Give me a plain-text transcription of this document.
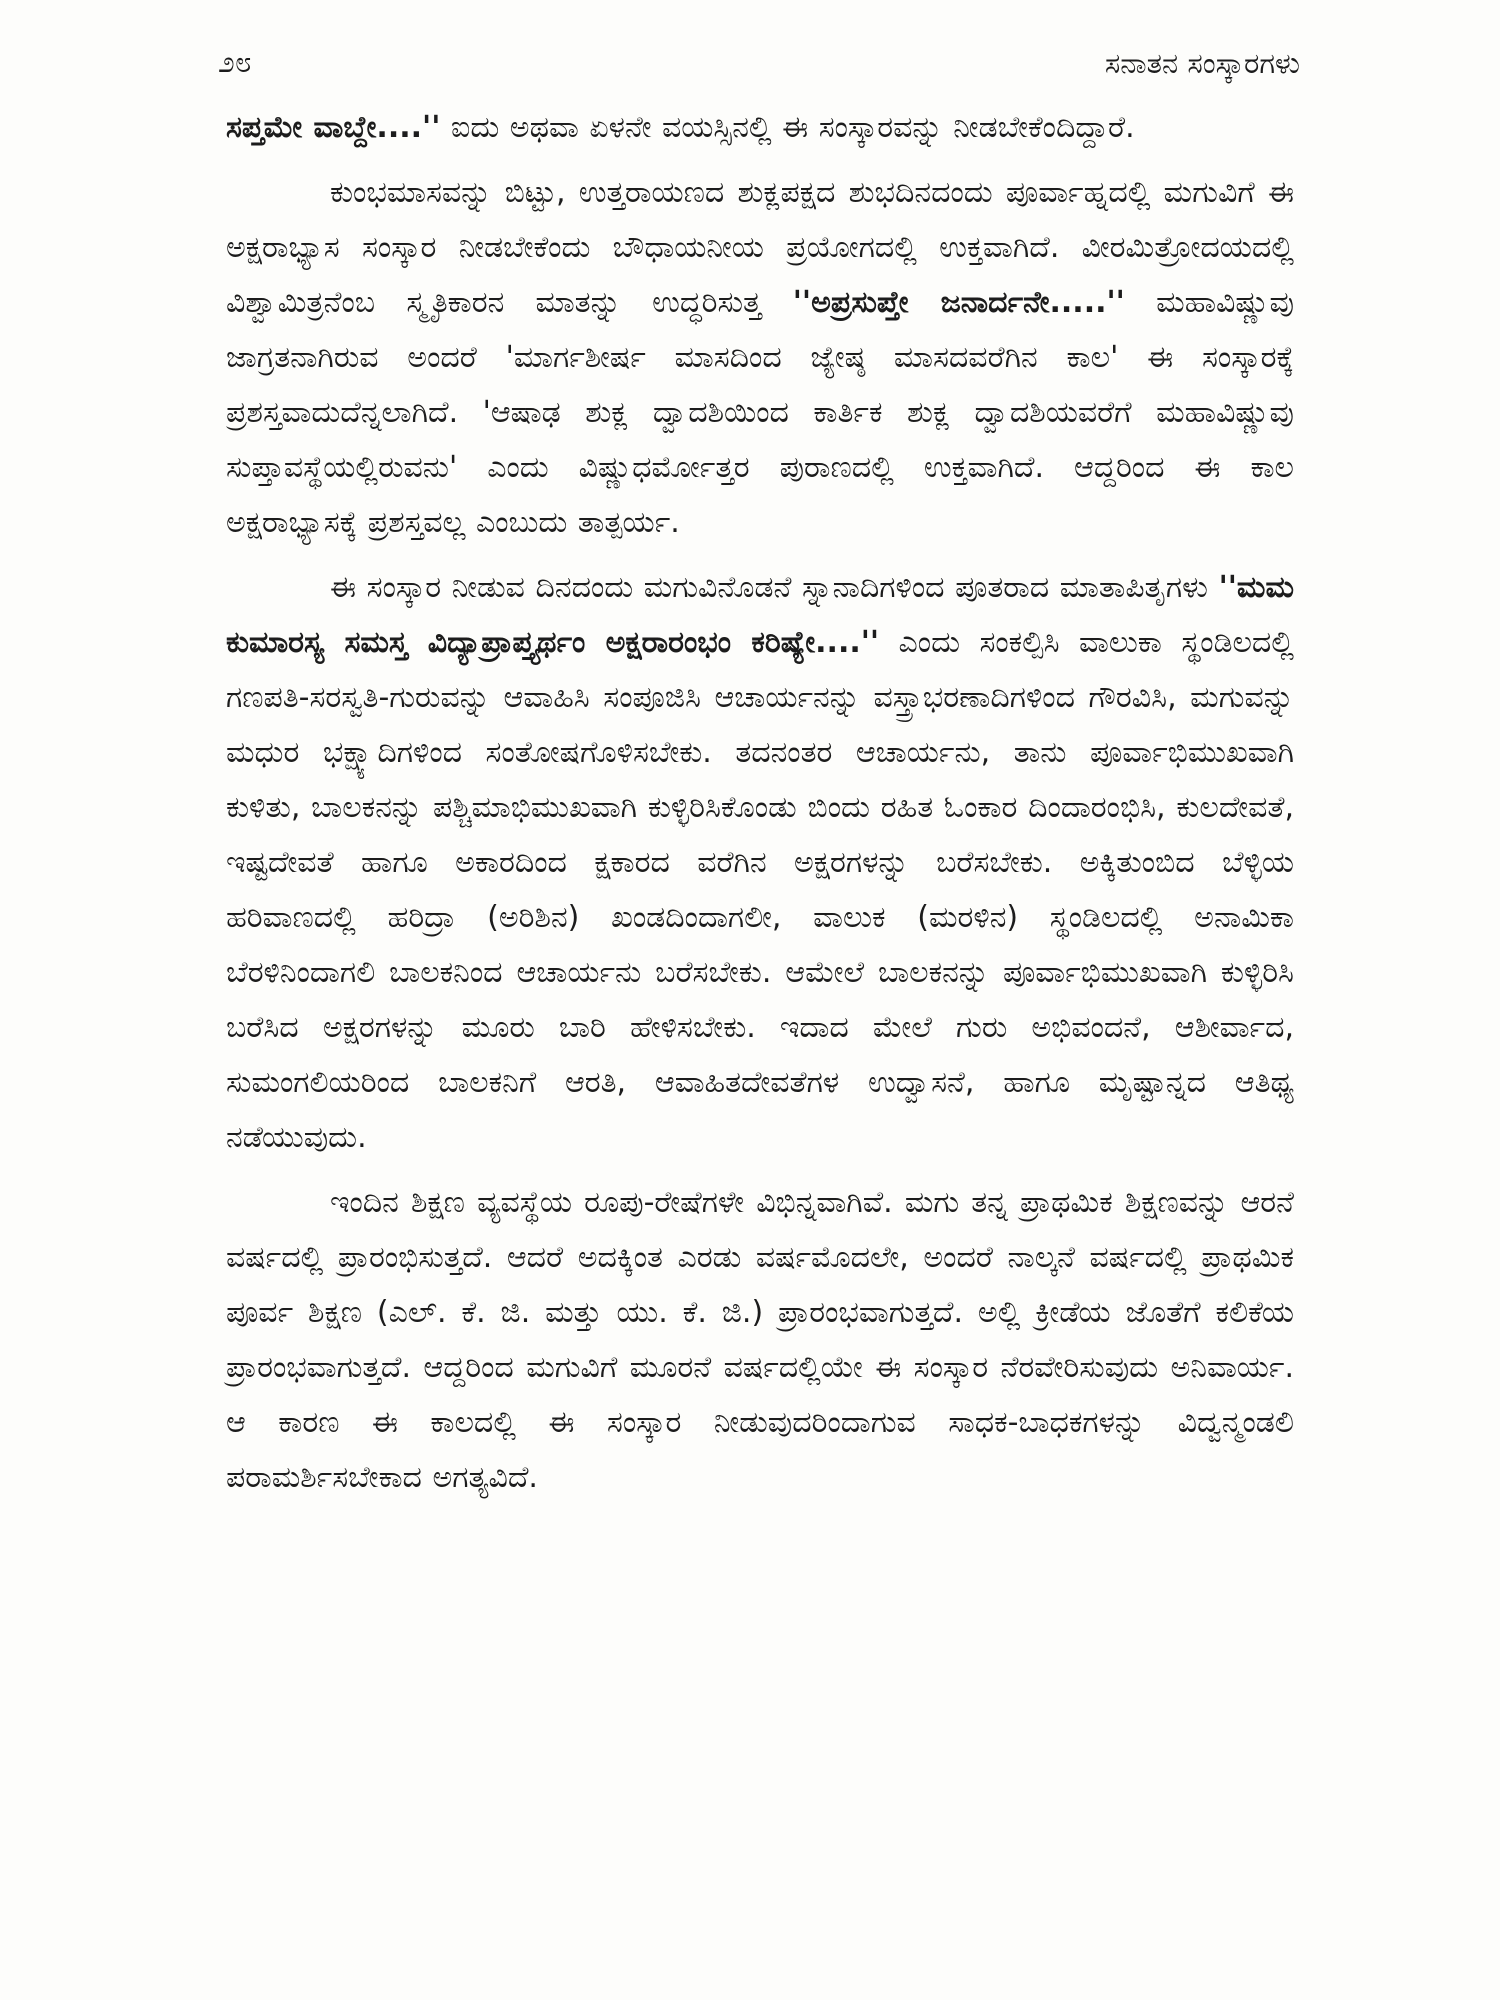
೨೮	ಸನಾತನ ಸಂಸ್ಕಾರಗಳು

ಸಪ್ತಮೇ ವಾಬ್ದೇ....'' ಐದು ಅಥವಾ ಏಳನೇ ವಯಸ್ಸಿನಲ್ಲಿ ಈ ಸಂಸ್ಕಾರವನ್ನು ನೀಡಬೇಕೆಂದಿದ್ದಾರೆ.

ಕುಂಭಮಾಸವನ್ನು ಬಿಟ್ಟು, ಉತ್ತರಾಯಣದ ಶುಕ್ಲಪಕ್ಷದ ಶುಭದಿನದಂದು ಪೂರ್ವಾಹ್ನದಲ್ಲಿ ಮಗುವಿಗೆ ಈ ಅಕ್ಷರಾಭ್ಯಾಸ ಸಂಸ್ಕಾರ ನೀಡಬೇಕೆಂದು ಬೌಧಾಯನೀಯ ಪ್ರಯೋಗದಲ್ಲಿ ಉಕ್ತವಾಗಿದೆ. ವೀರಮಿತ್ರೋದಯದಲ್ಲಿ ವಿಶ್ವಾಮಿತ್ರನೆಂಬ ಸ್ಮೃತಿಕಾರನ ಮಾತನ್ನು ಉದ್ಧರಿಸುತ್ತ ''ಅಪ್ರಸುಪ್ತೇ ಜನಾರ್ದನೇ.....'' ಮಹಾವಿಷ್ಣುವು ಜಾಗ್ರತನಾಗಿರುವ ಅಂದರೆ 'ಮಾರ್ಗಶೀರ್ಷ ಮಾಸದಿಂದ ಜ್ಯೇಷ್ಠ ಮಾಸದವರೆಗಿನ ಕಾಲ' ಈ ಸಂಸ್ಕಾರಕ್ಕೆ ಪ್ರಶಸ್ತವಾದುದೆನ್ನಲಾಗಿದೆ. 'ಆಷಾಢ ಶುಕ್ಲ ದ್ವಾದಶಿಯಿಂದ ಕಾರ್ತಿಕ ಶುಕ್ಲ ದ್ವಾದಶಿಯವರೆಗೆ ಮಹಾವಿಷ್ಣುವು ಸುಪ್ತಾವಸ್ಥೆಯಲ್ಲಿರುವನು' ಎಂದು ವಿಷ್ಣುಧರ್ಮೋತ್ತರ ಪುರಾಣದಲ್ಲಿ ಉಕ್ತವಾಗಿದೆ. ಆದ್ದರಿಂದ ಈ ಕಾಲ ಅಕ್ಷರಾಭ್ಯಾಸಕ್ಕೆ ಪ್ರಶಸ್ತವಲ್ಲ ಎಂಬುದು ತಾತ್ಪರ್ಯ.

ಈ ಸಂಸ್ಕಾರ ನೀಡುವ ದಿನದಂದು ಮಗುವಿನೊಡನೆ ಸ್ನಾನಾದಿಗಳಿಂದ ಪೂತರಾದ ಮಾತಾಪಿತೃಗಳು ''ಮಮ ಕುಮಾರಸ್ಯ ಸಮಸ್ತ ವಿದ್ಯಾಪ್ರಾಪ್ತ್ಯರ್ಥಂ ಅಕ್ಷರಾರಂಭಂ ಕರಿಷ್ಯೇ....'' ಎಂದು ಸಂಕಲ್ಪಿಸಿ ವಾಲುಕಾ ಸ್ಥಂಡಿಲದಲ್ಲಿ ಗಣಪತಿ-ಸರಸ್ವತಿ-ಗುರುವನ್ನು ಆವಾಹಿಸಿ ಸಂಪೂಜಿಸಿ ಆಚಾರ್ಯನನ್ನು ವಸ್ತ್ರಾಭರಣಾದಿಗಳಿಂದ ಗೌರವಿಸಿ, ಮಗುವನ್ನು ಮಧುರ ಭಕ್ಷ್ಯಾದಿಗಳಿಂದ ಸಂತೋಷಗೊಳಿಸಬೇಕು. ತದನಂತರ ಆಚಾರ್ಯನು, ತಾನು ಪೂರ್ವಾಭಿಮುಖವಾಗಿ ಕುಳಿತು, ಬಾಲಕನನ್ನು ಪಶ್ಚಿಮಾಭಿಮುಖವಾಗಿ ಕುಳ್ಳಿರಿಸಿಕೊಂಡು ಬಿಂದು ರಹಿತ ಓಂಕಾರ ದಿಂದಾರಂಭಿಸಿ, ಕುಲದೇವತೆ, ಇಷ್ಟದೇವತೆ ಹಾಗೂ ಅಕಾರದಿಂದ ಕ್ಷಕಾರದ ವರೆಗಿನ ಅಕ್ಷರಗಳನ್ನು ಬರೆಸಬೇಕು. ಅಕ್ಕಿತುಂಬಿದ ಬೆಳ್ಳಿಯ ಹರಿವಾಣದಲ್ಲಿ ಹರಿದ್ರಾ (ಅರಿಶಿನ) ಖಂಡದಿಂದಾಗಲೀ, ವಾಲುಕ (ಮರಳಿನ) ಸ್ಥಂಡಿಲದಲ್ಲಿ ಅನಾಮಿಕಾ ಬೆರಳಿನಿಂದಾಗಲಿ ಬಾಲಕನಿಂದ ಆಚಾರ್ಯನು ಬರೆಸಬೇಕು. ಆಮೇಲೆ ಬಾಲಕನನ್ನು ಪೂರ್ವಾಭಿಮುಖವಾಗಿ ಕುಳ್ಳಿರಿಸಿ ಬರೆಸಿದ ಅಕ್ಷರಗಳನ್ನು ಮೂರು ಬಾರಿ ಹೇಳಿಸಬೇಕು. ಇದಾದ ಮೇಲೆ ಗುರು ಅಭಿವಂದನೆ, ಆಶೀರ್ವಾದ, ಸುಮಂಗಲಿಯರಿಂದ ಬಾಲಕನಿಗೆ ಆರತಿ, ಆವಾಹಿತದೇವತೆಗಳ ಉದ್ವಾಸನೆ, ಹಾಗೂ ಮೃಷ್ಟಾನ್ನದ ಆತಿಥ್ಯ ನಡೆಯುವುದು.

ಇಂದಿನ ಶಿಕ್ಷಣ ವ್ಯವಸ್ಥೆಯ ರೂಪು-ರೇಷೆಗಳೇ ವಿಭಿನ್ನವಾಗಿವೆ. ಮಗು ತನ್ನ ಪ್ರಾಥಮಿಕ ಶಿಕ್ಷಣವನ್ನು ಆರನೆ ವರ್ಷದಲ್ಲಿ ಪ್ರಾರಂಭಿಸುತ್ತದೆ. ಆದರೆ ಅದಕ್ಕಿಂತ ಎರಡು ವರ್ಷಮೊದಲೇ, ಅಂದರೆ ನಾಲ್ಕನೆ ವರ್ಷದಲ್ಲಿ ಪ್ರಾಥಮಿಕ ಪೂರ್ವ ಶಿಕ್ಷಣ (ಎಲ್. ಕೆ. ಜಿ. ಮತ್ತು ಯು. ಕೆ. ಜಿ.) ಪ್ರಾರಂಭವಾಗುತ್ತದೆ. ಅಲ್ಲಿ ಕ್ರೀಡೆಯ ಜೊತೆಗೆ ಕಲಿಕೆಯ ಪ್ರಾರಂಭವಾಗುತ್ತದೆ. ಆದ್ದರಿಂದ ಮಗುವಿಗೆ ಮೂರನೆ ವರ್ಷದಲ್ಲಿಯೇ ಈ ಸಂಸ್ಕಾರ ನೆರವೇರಿಸುವುದು ಅನಿವಾರ್ಯ. ಆ ಕಾರಣ ಈ ಕಾಲದಲ್ಲಿ ಈ ಸಂಸ್ಕಾರ ನೀಡುವುದರಿಂದಾಗುವ ಸಾಧಕ-ಬಾಧಕಗಳನ್ನು ವಿದ್ವನ್ಮಂಡಲಿ ಪರಾಮರ್ಶಿಸಬೇಕಾದ ಅಗತ್ಯವಿದೆ.
